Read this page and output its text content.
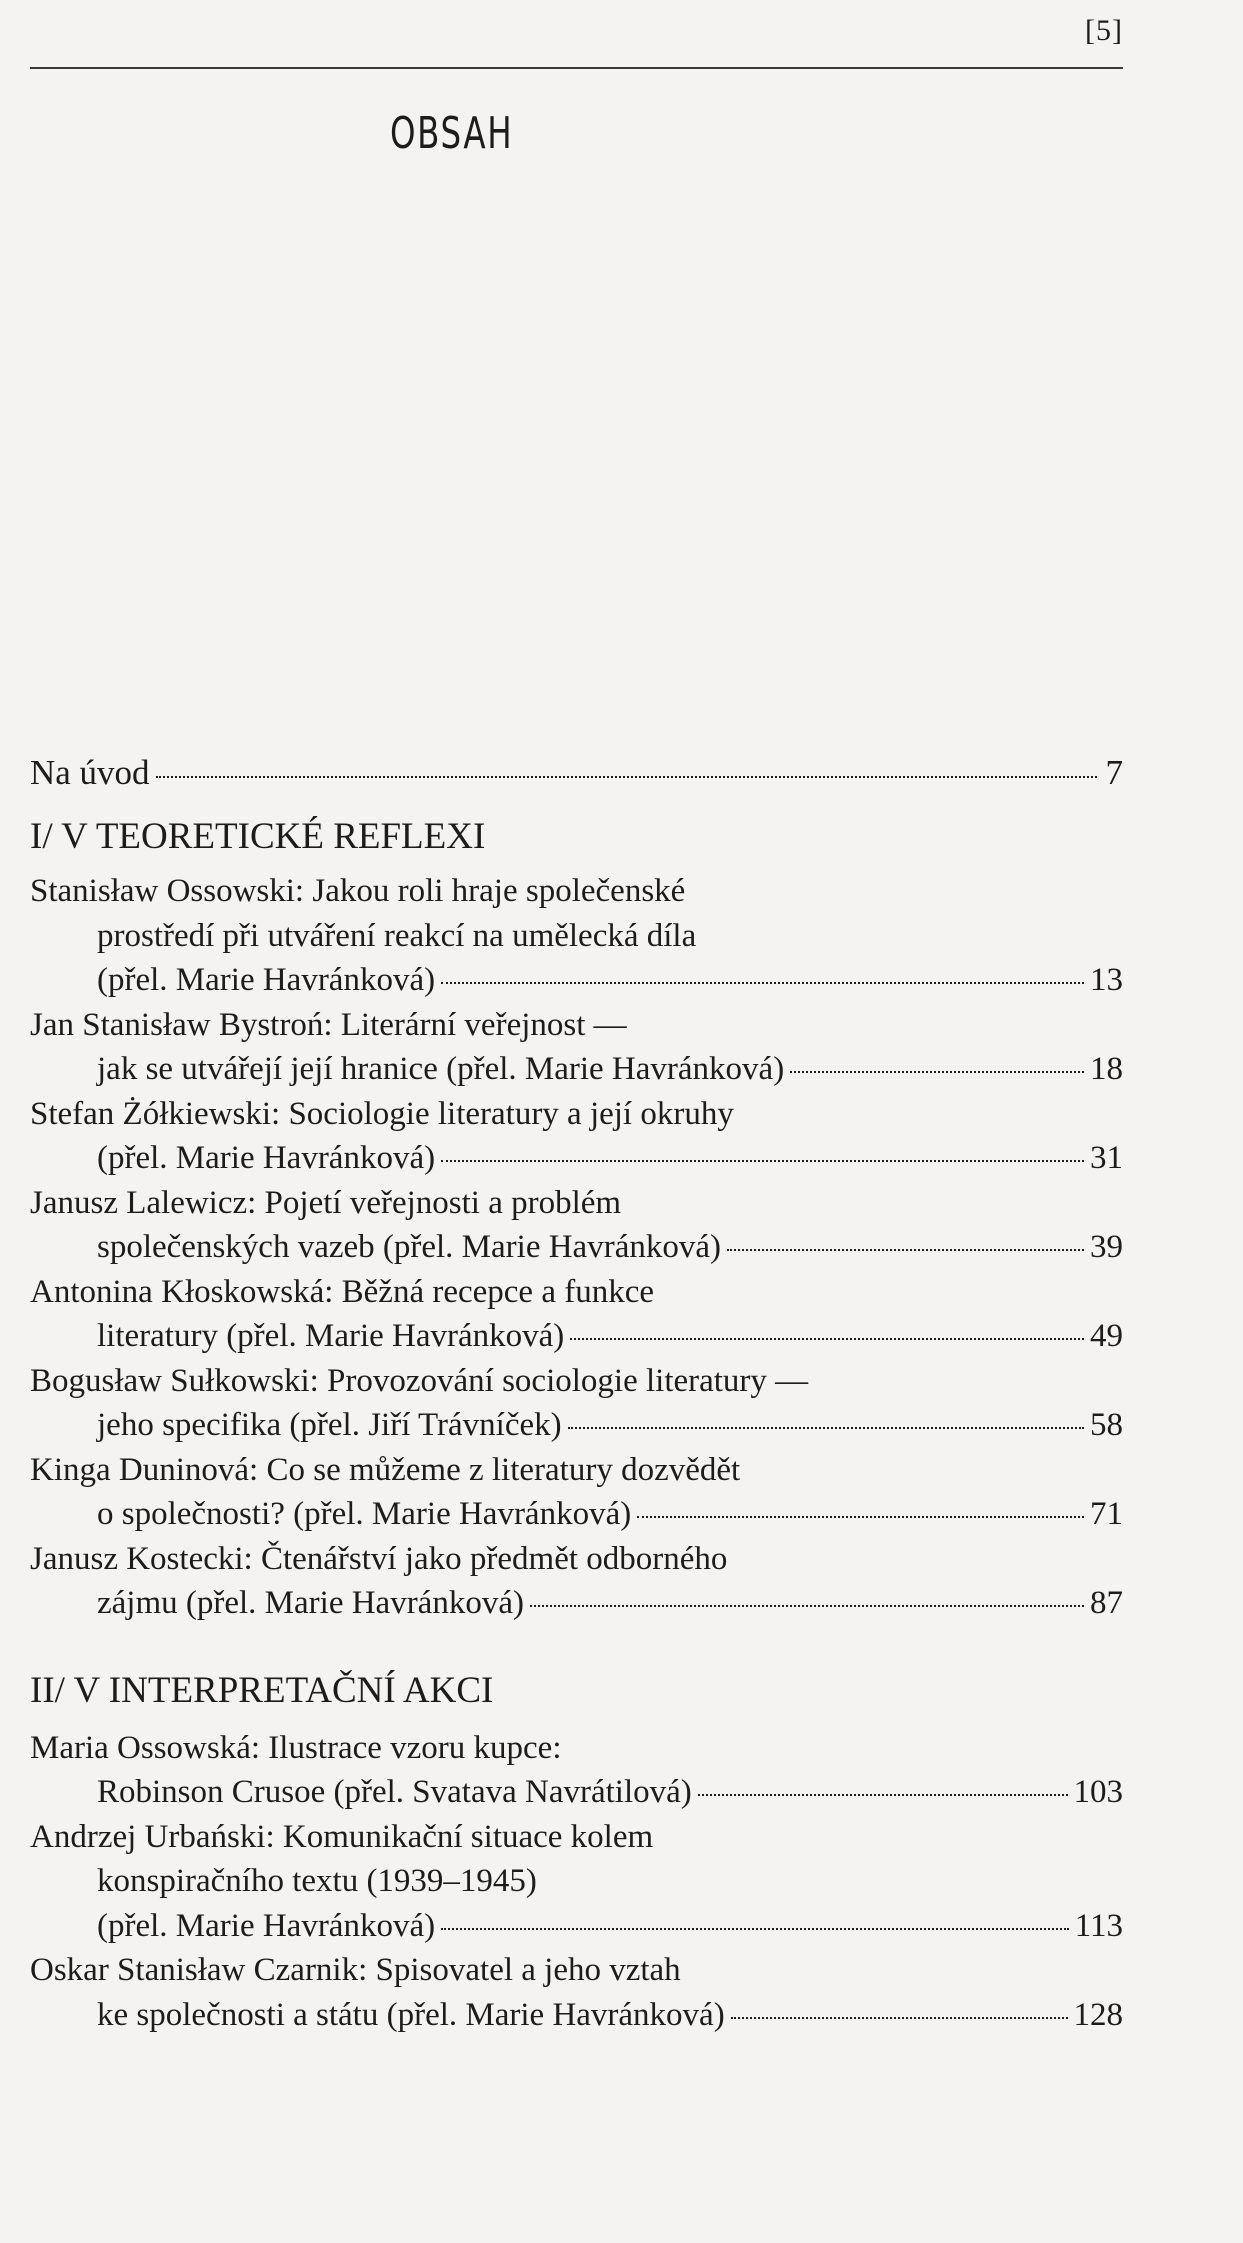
[5]
OBSAH
Na úvod	7
I/ V TEORETICKÉ REFLEXI
Stanisław Ossowski: Jakou roli hraje společenské
prostředí při utváření reakcí na umělecká díla
(přel. Marie Havránková)	13
Jan Stanisław Bystroń: Literární veřejnost —
jak se utvářejí její hranice (přel. Marie Havránková)	18
Stefan Żółkiewski: Sociologie literatury a její okruhy
(přel. Marie Havránková)	31
Janusz Lalewicz: Pojetí veřejnosti a problém
společenských vazeb (přel. Marie Havránková)	39
Antonina Kłoskowská: Běžná recepce a funkce
literatury (přel. Marie Havránková)	49
Bogusław Sułkowski: Provozování sociologie literatury —
jeho specifika (přel. Jiří Trávníček)	58
Kinga Duninová: Co se můžeme z literatury dozvědět
o společnosti? (přel. Marie Havránková)	71
Janusz Kostecki: Čtenářství jako předmět odborného
zájmu (přel. Marie Havránková)	87
II/ V INTERPRETAČNÍ AKCI
Maria Ossowská: Ilustrace vzoru kupce:
Robinson Crusoe (přel. Svatava Navrátilová)	103
Andrzej Urbański: Komunikační situace kolem
konspiračního textu (1939–1945)
(přel. Marie Havránková)	113
Oskar Stanisław Czarnik: Spisovatel a jeho vztah
ke společnosti a státu (přel. Marie Havránková)	128
